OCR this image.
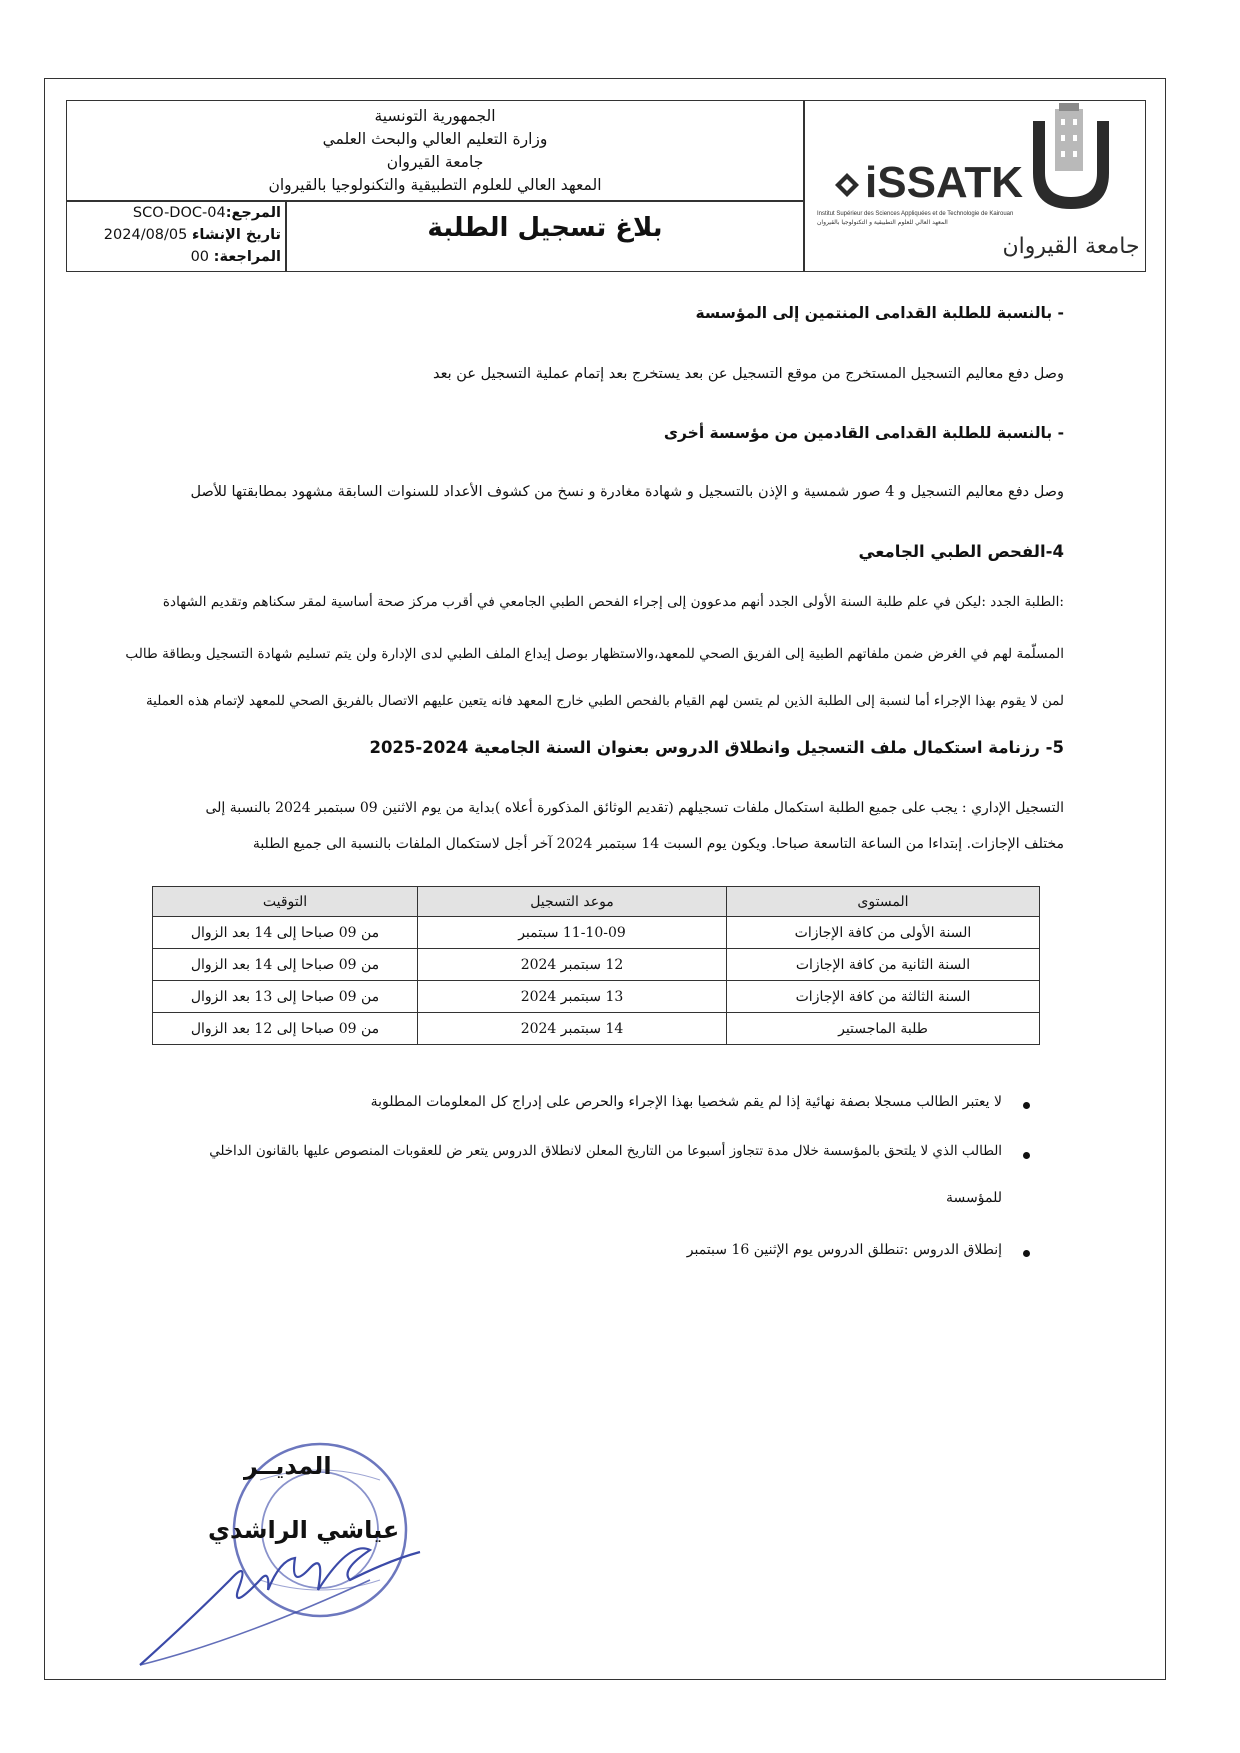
الجمهورية التونسية
وزارة التعليم العالي والبحث العلمي
جامعة القيروان
المعهد العالي للعلوم التطبيقية والتكنولوجيا بالقيروان
بلاغ تسجيل الطلبة
المرجع:SCO-DOC-04
تاريخ الإنشاء 2024/08/05
المراجعة: 00
iSSATK
Institut Supérieur des Sciences Appliquées et de Technologie de Kairouan
المعهد العالي للعلوم التطبيقية و التكنولوجيا بالقيروان
جامعة القيروان
- بالنسبة للطلبة القدامى المنتمين إلى المؤسسة
وصل دفع معاليم التسجيل المستخرج من موقع التسجيل عن بعد يستخرج بعد إتمام عملية التسجيل عن بعد
- بالنسبة للطلبة القدامى القادمين من مؤسسة أخرى
وصل دفع معاليم التسجيل و 4 صور شمسية و الإذن بالتسجيل و شهادة مغادرة و نسخ من كشوف الأعداد للسنوات السابقة مشهود بمطابقتها للأصل
4-الفحص الطبي الجامعي
:الطلبة الجدد :ليكن في علم طلبة السنة الأولى الجدد أنهم مدعوون إلى إجراء الفحص الطبي الجامعي في أقرب مركز صحة أساسية لمقر سكناهم وتقديم الشهادة
المسلّمة لهم في الغرض ضمن ملفاتهم الطبية إلى الفريق الصحي للمعهد،والاستظهار بوصل إيداع الملف الطبي لدى الإدارة ولن يتم تسليم شهادة التسجيل وبطاقة طالب
لمن لا يقوم بهذا الإجراء أما لنسبة إلى الطلبة الذين لم يتسن لهم القيام بالفحص الطبي خارج المعهد فانه يتعين عليهم الاتصال بالفريق الصحي للمعهد لإتمام هذه العملية
5- رزنامة استكمال ملف التسجيل وانطلاق الدروس بعنوان السنة الجامعية 2024-2025
التسجيل الإداري : يجب على جميع الطلبة استكمال ملفات تسجيلهم (تقديم الوثائق المذكورة أعلاه )بداية من يوم الاثنين 09 سبتمبر 2024 بالنسبة إلى
مختلف الإجازات. إبتداءا من الساعة التاسعة صباحا. ويكون يوم السبت 14 سبتمبر 2024 آخر أجل لاستكمال الملفات بالنسبة الى جميع الطلبة
المستوى	موعد التسجيل	التوقيت
السنة الأولى من كافة الإجازات	11-10-09 سبتمبر	من 09 صباحا إلى 14 بعد الزوال
السنة الثانية من كافة الإجازات	12 سبتمبر 2024	من 09 صباحا إلى 14 بعد الزوال
السنة الثالثة من كافة الإجازات	13 سبتمبر 2024	من 09 صباحا إلى 13 بعد الزوال
طلبة الماجستير	14 سبتمبر 2024	من 09 صباحا إلى 12 بعد الزوال
لا يعتبر الطالب مسجلا بصفة نهائية إذا لم يقم شخصيا بهذا الإجراء والحرص على إدراج كل المعلومات المطلوبة
الطالب الذي لا يلتحق بالمؤسسة خلال مدة تتجاوز أسبوعا من التاريخ المعلن لانطلاق الدروس يتعر ض للعقوبات المنصوص عليها بالقانون الداخلي
للمؤسسة
إنطلاق الدروس :تنطلق الدروس يوم الإثنين 16 سبتمبر
المديــر
عياشي الراشدي
